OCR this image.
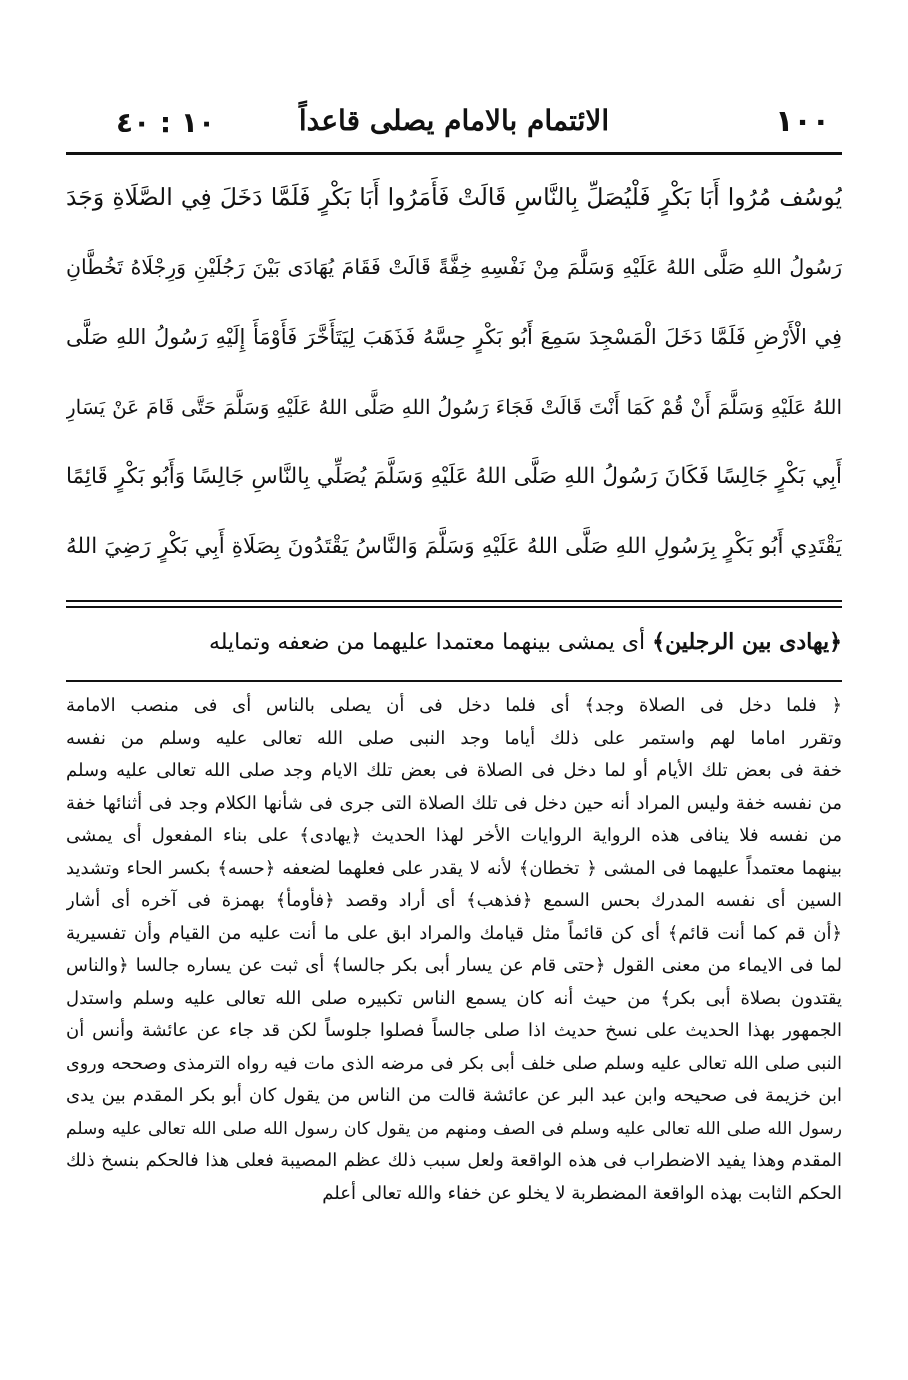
١٠٠
الائتمام بالامام يصلى قاعداً
١٠ : ٤٠
يُوسُف مُرُوا أَبَا بَكْرٍ فَلْيُصَلِّ بِالنَّاسِ قَالَتْ فَأَمَرُوا أَبَا بَكْرٍ فَلَمَّا دَخَلَ فِي الصَّلَاةِ وَجَدَ
رَسُولُ اللهِ صَلَّى اللهُ عَلَيْهِ وَسَلَّمَ مِنْ نَفْسِهِ خِفَّةً قَالَتْ فَقَامَ يُهَادَى بَيْنَ رَجُلَيْنِ وَرِجْلَاهُ تَخُطَّانِ
فِي الْأَرْضِ فَلَمَّا دَخَلَ الْمَسْجِدَ سَمِعَ أَبُو بَكْرٍ حِسَّهُ فَذَهَبَ لِيَتَأَخَّرَ فَأَوْمَأَ إِلَيْهِ رَسُولُ اللهِ صَلَّى
اللهُ عَلَيْهِ وَسَلَّمَ أَنْ قُمْ كَمَا أَنْتَ قَالَتْ فَجَاءَ رَسُولُ اللهِ صَلَّى اللهُ عَلَيْهِ وَسَلَّمَ حَتَّى قَامَ عَنْ يَسَارِ
أَبِي بَكْرٍ جَالِسًا فَكَانَ رَسُولُ اللهِ صَلَّى اللهُ عَلَيْهِ وَسَلَّمَ يُصَلِّي بِالنَّاسِ جَالِسًا وَأَبُو بَكْرٍ قَائِمًا
يَقْتَدِي أَبُو بَكْرٍ بِرَسُولِ اللهِ صَلَّى اللهُ عَلَيْهِ وَسَلَّمَ وَالنَّاسُ يَقْتَدُونَ بِصَلَاةِ أَبِي بَكْرٍ رَضِيَ اللهُ
﴿يهادى بين الرجلين﴾ أى يمشى بينهما معتمدا عليهما من ضعفه وتمايله
﴿ فلما دخل فى الصلاة وجد﴾ أى فلما دخل فى أن يصلى بالناس أى فى منصب الامامة
وتقرر اماما لهم واستمر على ذلك أياما وجد النبى صلى الله تعالى عليه وسلم من نفسه
خفة فى بعض تلك الأيام أو لما دخل فى الصلاة فى بعض تلك الايام وجد صلى الله تعالى عليه وسلم
من نفسه خفة وليس المراد أنه حين دخل فى تلك الصلاة التى جرى فى شأنها الكلام وجد فى أثنائها خفة
من نفسه فلا ينافى هذه الرواية الروايات الأخر لهذا الحديث ﴿يهادى﴾ على بناء المفعول أى يمشى
بينهما معتمداً عليهما فى المشى ﴿ تخطان﴾ لأنه لا يقدر على فعلهما لضعفه ﴿حسه﴾ بكسر الحاء وتشديد
السين أى نفسه المدرك بحس السمع ﴿فذهب﴾ أى أراد وقصد ﴿فأومأ﴾ بهمزة فى آخره أى أشار
﴿أن قم كما أنت قائم﴾ أى كن قائماً مثل قيامك والمراد ابق على ما أنت عليه من القيام وأن تفسيرية
لما فى الايماء من معنى القول ﴿حتى قام عن يسار أبى بكر جالسا﴾ أى ثبت عن يساره جالسا ﴿والناس
يقتدون بصلاة أبى بكر﴾ من حيث أنه كان يسمع الناس تكبيره صلى الله تعالى عليه وسلم واستدل
الجمهور بهذا الحديث على نسخ حديث اذا صلى جالساً فصلوا جلوساً لكن قد جاء عن عائشة وأنس أن
النبى صلى الله تعالى عليه وسلم صلى خلف أبى بكر فى مرضه الذى مات فيه رواه الترمذى وصححه وروى
ابن خزيمة فى صحيحه وابن عبد البر عن عائشة قالت من الناس من يقول كان أبو بكر المقدم بين يدى
رسول الله صلى الله تعالى عليه وسلم فى الصف ومنهم من يقول كان رسول الله صلى الله تعالى عليه وسلم
المقدم وهذا يفيد الاضطراب فى هذه الواقعة ولعل سبب ذلك عظم المصيبة فعلى هذا فالحكم بنسخ ذلك
الحكم الثابت بهذه الواقعة المضطربة لا يخلو عن خفاء والله تعالى أعلم
